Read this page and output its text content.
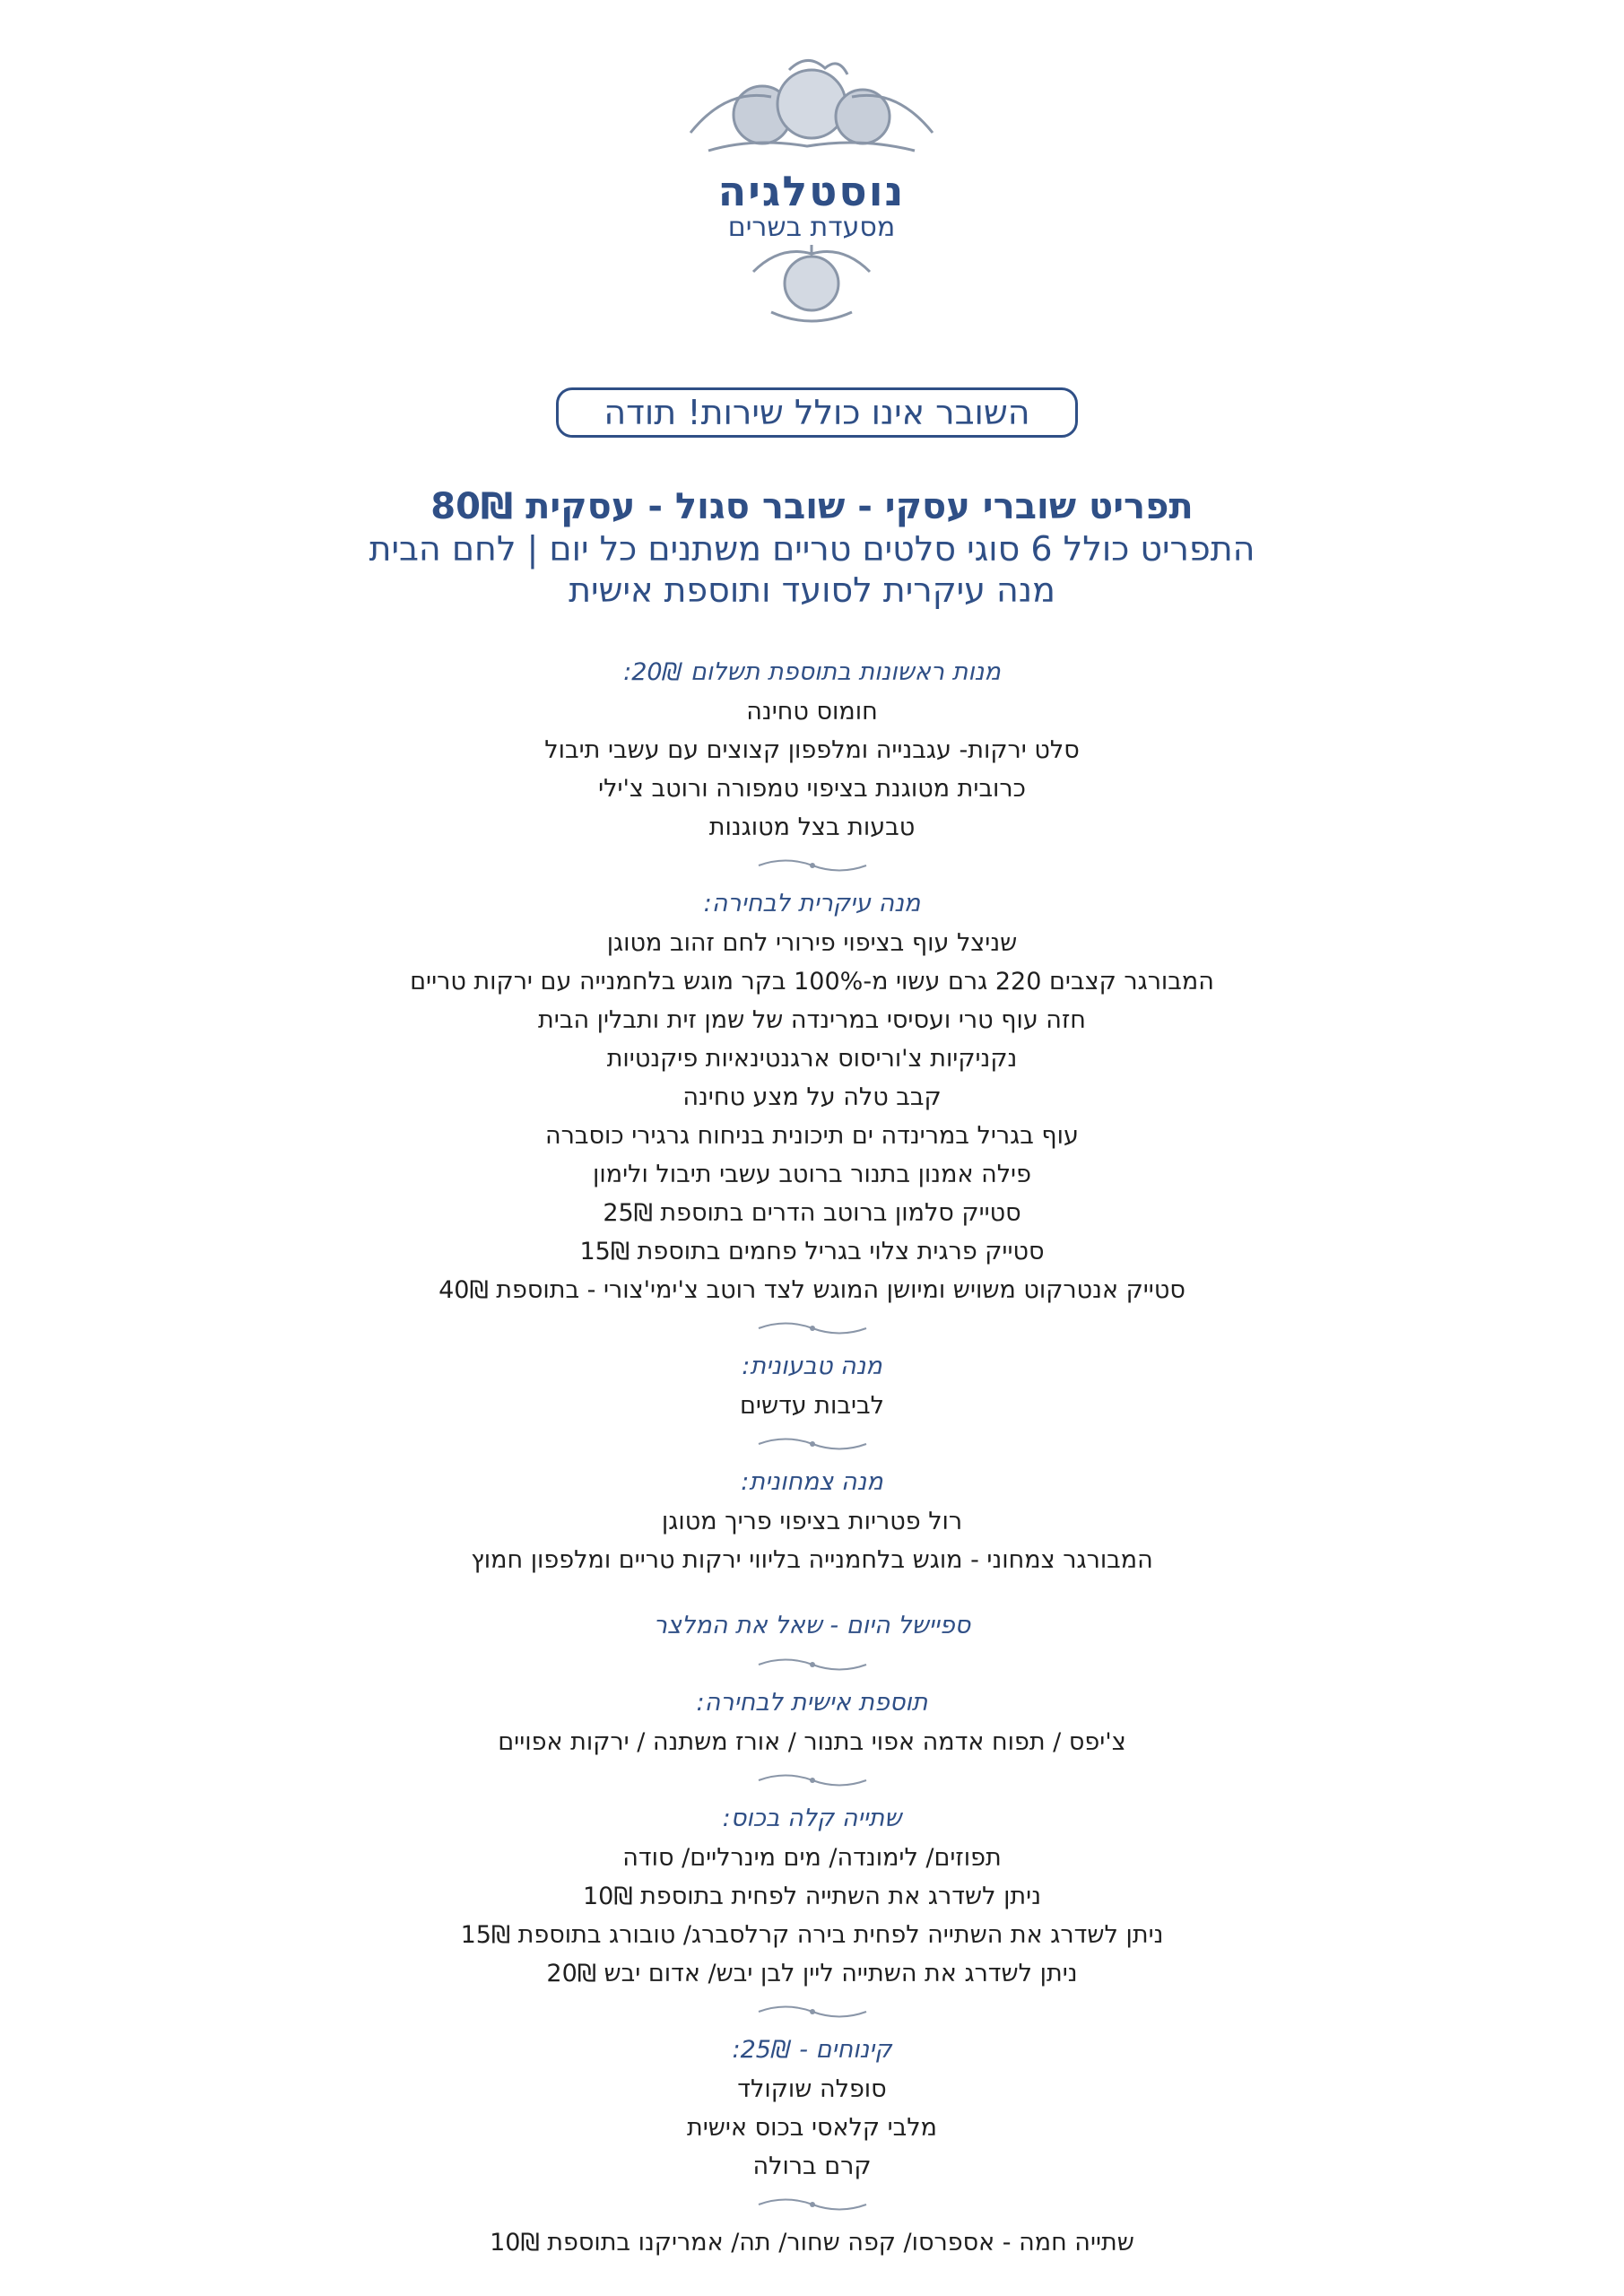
נוסטלגיה
מסעדת בשרים
השובר אינו כולל שירות! תודה
תפריט שוברי עסקי - שובר סגול - עסקית 80₪
התפריט כולל 6 סוגי סלטים טריים משתנים כל יום | לחם הבית
מנה עיקרית לסועד ותוספת אישית
מנות ראשונות בתוספת תשלום 20₪:
חומוס טחינה
סלט ירקות- עגבנייה ומלפפון קצוצים עם עשבי תיבול
כרובית מטוגנת בציפוי טמפורה ורוטב צ'ילי
טבעות בצל מטוגנות
מנה עיקרית לבחירה:
שניצל עוף בציפוי פירורי לחם זהוב מטוגן
המבורגר קצבים 220 גרם עשוי מ-100% בקר מוגש בלחמנייה עם ירקות טריים
חזה עוף טרי ועסיסי במרינדה של שמן זית ותבלין הבית
נקניקיות צ'וריסוס ארגנטינאיות פיקנטיות
קבב טלה על מצע טחינה
עוף בגריל במרינדה ים תיכונית בניחוח גרגירי כוסברה
פילה אמנון בתנור ברוטב עשבי תיבול ולימון
סטייק סלמון ברוטב הדרים בתוספת 25₪
סטייק פרגית צלוי בגריל פחמים בתוספת 15₪
סטייק אנטרקוט משויש ומיושן המוגש לצד רוטב צ'ימי'צורי - בתוספת 40₪
מנה טבעונית:
לביבות עדשים
מנה צמחונית:
רול פטריות בציפוי פריך מטוגן
המבורגר צמחוני - מוגש בלחמנייה בליווי ירקות טריים ומלפפון חמוץ
ספיישל היום - שאל את המלצר
תוספת אישית לבחירה:
צ'יפס / תפוח אדמה אפוי בתנור / אורז משתנה / ירקות אפויים
שתייה קלה בכוס:
תפוזים/ לימונדה/ מים מינרליים/ סודה
ניתן לשדרג את השתייה לפחית בתוספת 10₪
ניתן לשדרג את השתייה לפחית בירה קרלסברג/ טובורג בתוספת 15₪
ניתן לשדרג את השתייה ליין לבן יבש/ אדום יבש 20₪
קינוחים - 25₪:
סופלה שוקולד
מלבי קלאסי בכוס אישית
קרם ברולה
שתייה חמה - אספרסו/ קפה שחור/ תה/ אמריקנו בתוספת 10₪
